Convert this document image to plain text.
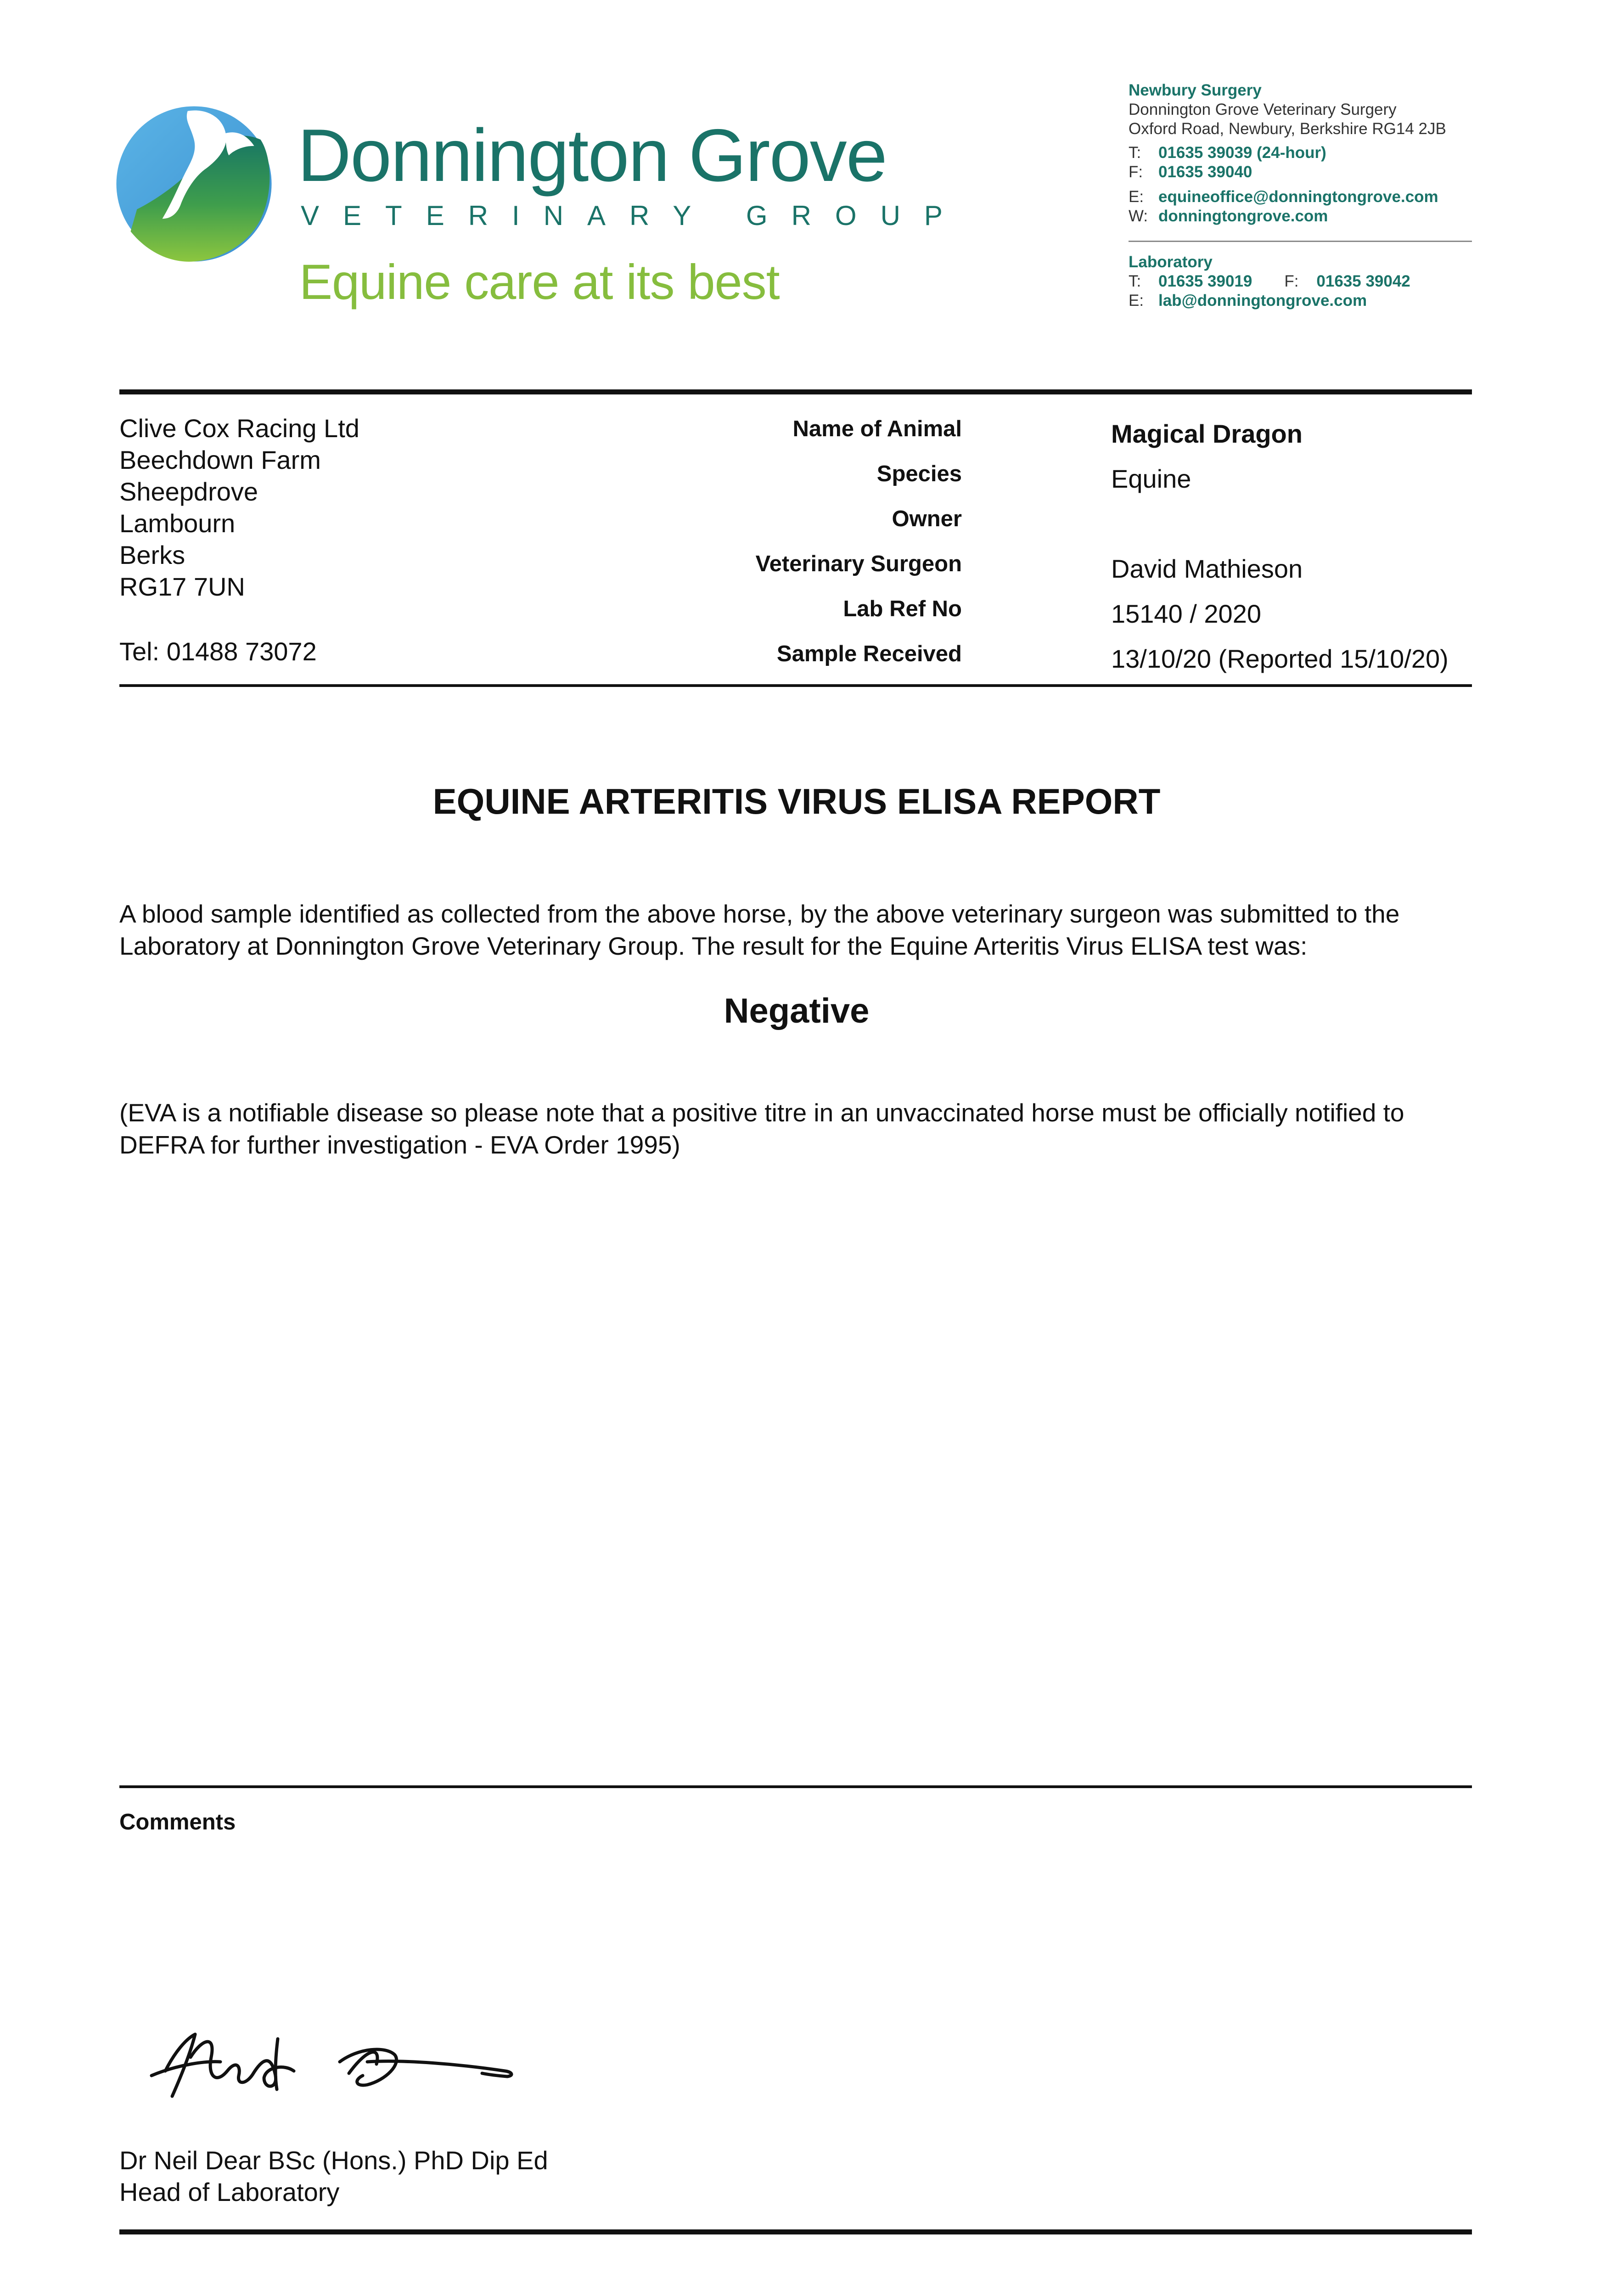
Donnington Grove
VETERINARY GROUP
Equine care at its best
Newbury Surgery
Donnington Grove Veterinary Surgery
Oxford Road, Newbury, Berkshire RG14 2JB
T: 01635 39039 (24-hour)
F: 01635 39040
E: equineoffice@donningtongrove.com
W: donningtongrove.com
Laboratory
T: 01635 39019 F: 01635 39042
E: lab@donningtongrove.com
Clive Cox Racing Ltd
Beechdown Farm
Sheepdrove
Lambourn
Berks
RG17 7UN
Tel: 01488 73072
Name of Animal	Magical Dragon
Species	Equine
Owner
Veterinary Surgeon	David Mathieson
Lab Ref No	15140 / 2020
Sample Received	13/10/20 (Reported 15/10/20)
EQUINE ARTERITIS VIRUS ELISA REPORT
A blood sample identified as collected from the above horse, by the above veterinary surgeon was submitted to the Laboratory at Donnington Grove Veterinary Group. The result for the Equine Arteritis Virus ELISA test was:
Negative
(EVA is a notifiable disease so please note that a positive titre in an unvaccinated horse must be officially notified to DEFRA for further investigation - EVA Order 1995)
Comments
Dr Neil Dear BSc (Hons.) PhD Dip Ed
Head of Laboratory
